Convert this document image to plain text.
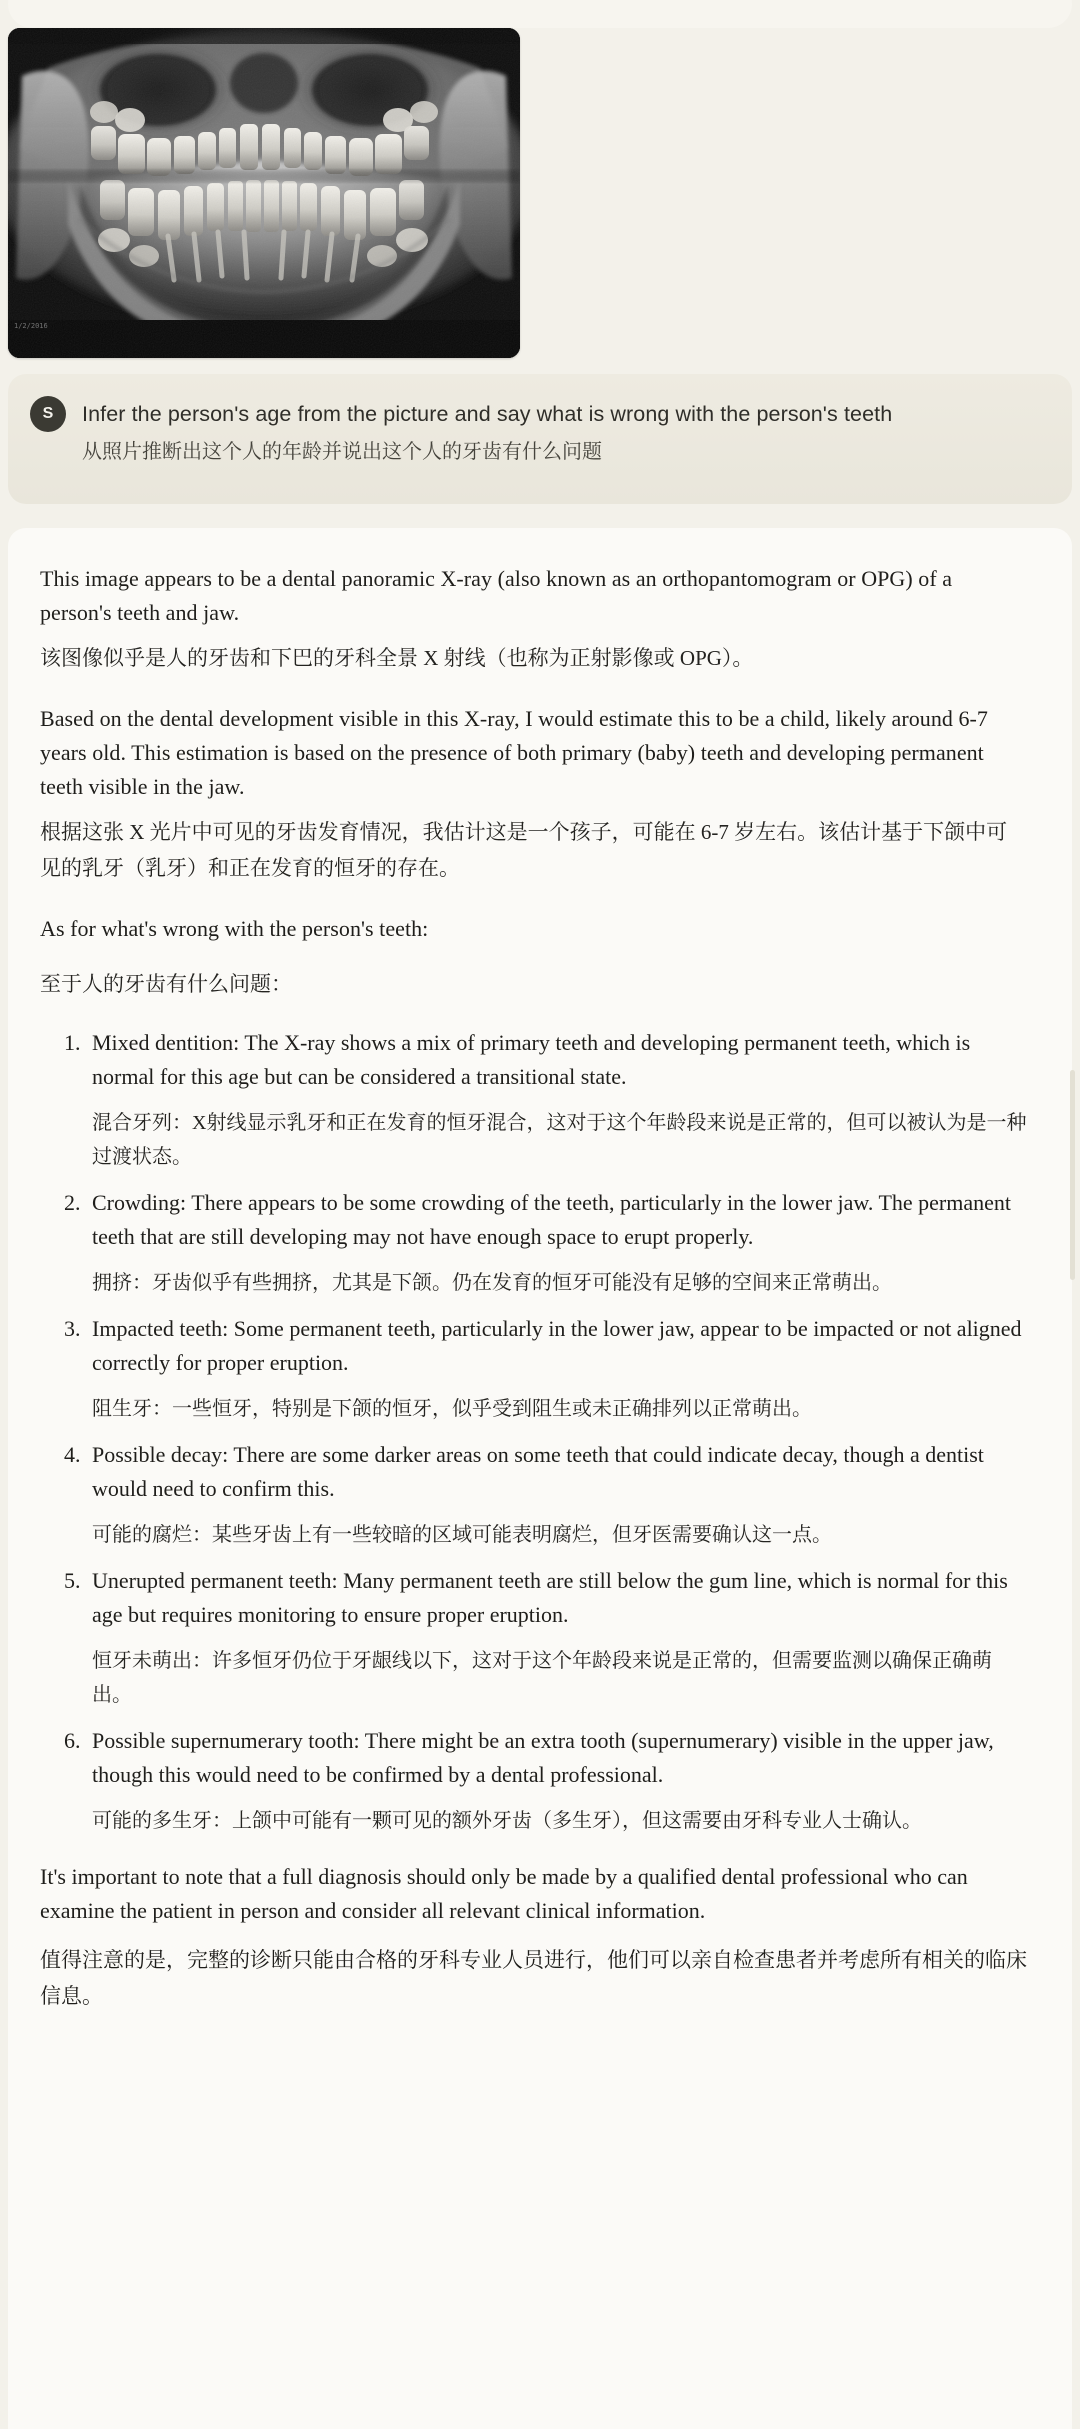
1/2/2016
S	Infer the person's age from the picture and say what is wrong with the person's teeth
从照片推断出这个人的年龄并说出这个人的牙齿有什么问题

This image appears to be a dental panoramic X-ray (also known as an orthopantomogram or OPG) of a person's teeth and jaw.

该图像似乎是人的牙齿和下巴的牙科全景 X 射线（也称为正射影像或 OPG）。

Based on the dental development visible in this X-ray, I would estimate this to be a child, likely around 6-7 years old. This estimation is based on the presence of both primary (baby) teeth and developing permanent teeth visible in the jaw.

根据这张 X 光片中可见的牙齿发育情况，我估计这是一个孩子，可能在 6-7 岁左右。该估计基于下颌中可见的乳牙（乳牙）和正在发育的恒牙的存在。

As for what's wrong with the person's teeth:

至于人的牙齿有什么问题：

1. Mixed dentition: The X-ray shows a mix of primary teeth and developing permanent teeth, which is normal for this age but can be considered a transitional state.
混合牙列：X射线显示乳牙和正在发育的恒牙混合，这对于这个年龄段来说是正常的，但可以被认为是一种过渡状态。
2. Crowding: There appears to be some crowding of the teeth, particularly in the lower jaw. The permanent teeth that are still developing may not have enough space to erupt properly.
拥挤：牙齿似乎有些拥挤，尤其是下颌。仍在发育的恒牙可能没有足够的空间来正常萌出。
3. Impacted teeth: Some permanent teeth, particularly in the lower jaw, appear to be impacted or not aligned correctly for proper eruption.
阻生牙：一些恒牙，特别是下颌的恒牙，似乎受到阻生或未正确排列以正常萌出。
4. Possible decay: There are some darker areas on some teeth that could indicate decay, though a dentist would need to confirm this.
可能的腐烂：某些牙齿上有一些较暗的区域可能表明腐烂，但牙医需要确认这一点。
5. Unerupted permanent teeth: Many permanent teeth are still below the gum line, which is normal for this age but requires monitoring to ensure proper eruption.
恒牙未萌出：许多恒牙仍位于牙龈线以下，这对于这个年龄段来说是正常的，但需要监测以确保正确萌出。
6. Possible supernumerary tooth: There might be an extra tooth (supernumerary) visible in the upper jaw, though this would need to be confirmed by a dental professional.
可能的多生牙：上颌中可能有一颗可见的额外牙齿（多生牙），但这需要由牙科专业人士确认。

It's important to note that a full diagnosis should only be made by a qualified dental professional who can examine the patient in person and consider all relevant clinical information.

值得注意的是，完整的诊断只能由合格的牙科专业人员进行，他们可以亲自检查患者并考虑所有相关的临床信息。
